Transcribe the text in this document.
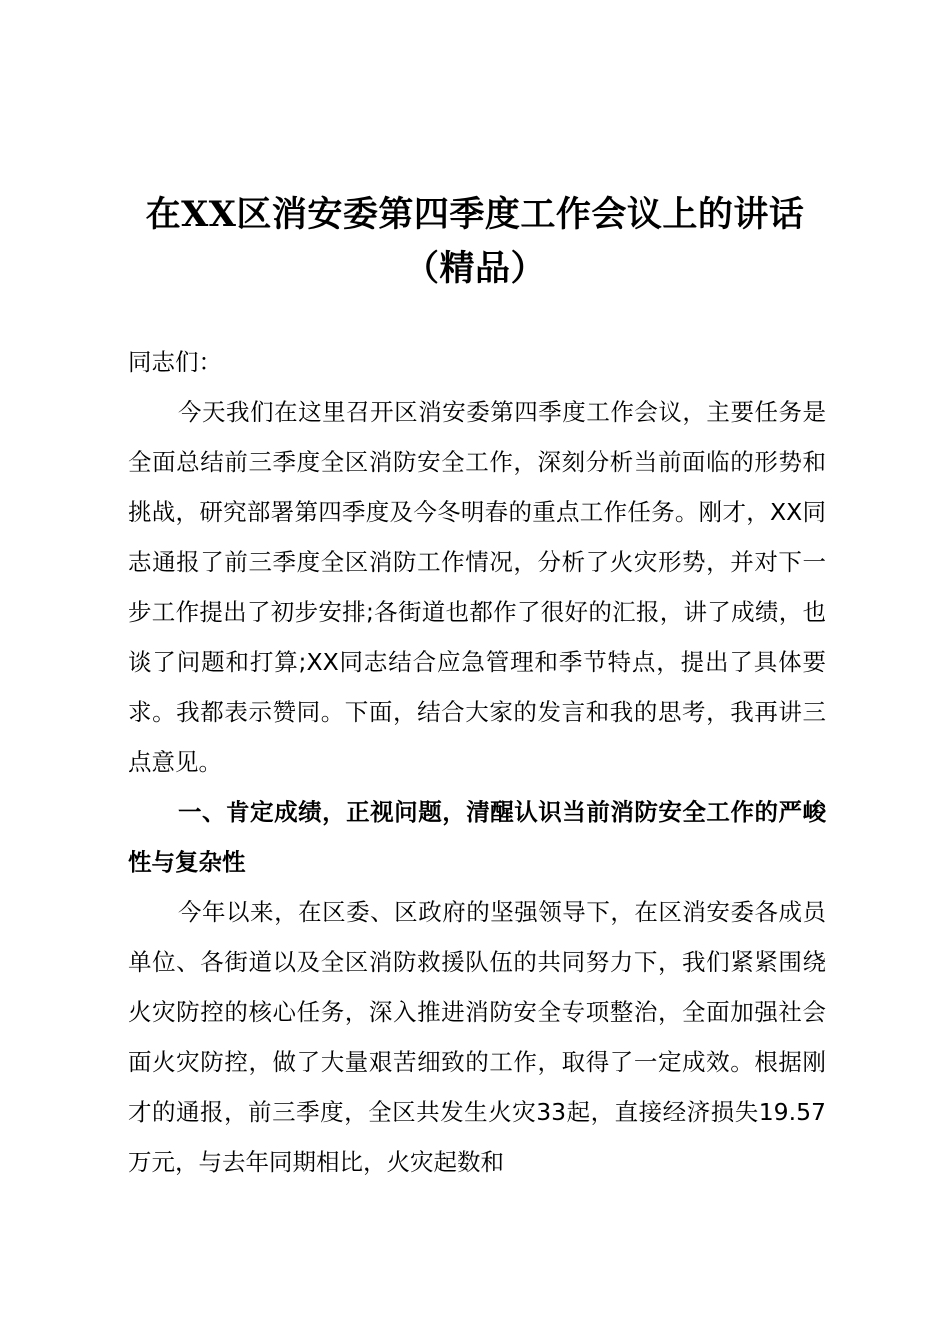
在XX区消安委第四季度工作会议上的讲话（精品）

同志们：

今天我们在这里召开区消安委第四季度工作会议，主要任务是全面总结前三季度全区消防安全工作，深刻分析当前面临的形势和挑战，研究部署第四季度及今冬明春的重点工作任务。刚才，XX同志通报了前三季度全区消防工作情况，分析了火灾形势，并对下一步工作提出了初步安排;各街道也都作了很好的汇报，讲了成绩，也谈了问题和打算;XX同志结合应急管理和季节特点，提出了具体要求。我都表示赞同。下面，结合大家的发言和我的思考，我再讲三点意见。

一、肯定成绩，正视问题，清醒认识当前消防安全工作的严峻性与复杂性

今年以来，在区委、区政府的坚强领导下，在区消安委各成员单位、各街道以及全区消防救援队伍的共同努力下，我们紧紧围绕火灾防控的核心任务，深入推进消防安全专项整治，全面加强社会面火灾防控，做了大量艰苦细致的工作，取得了一定成效。根据刚才的通报，前三季度，全区共发生火灾33起，直接经济损失19.57万元，与去年同期相比，火灾起数和
